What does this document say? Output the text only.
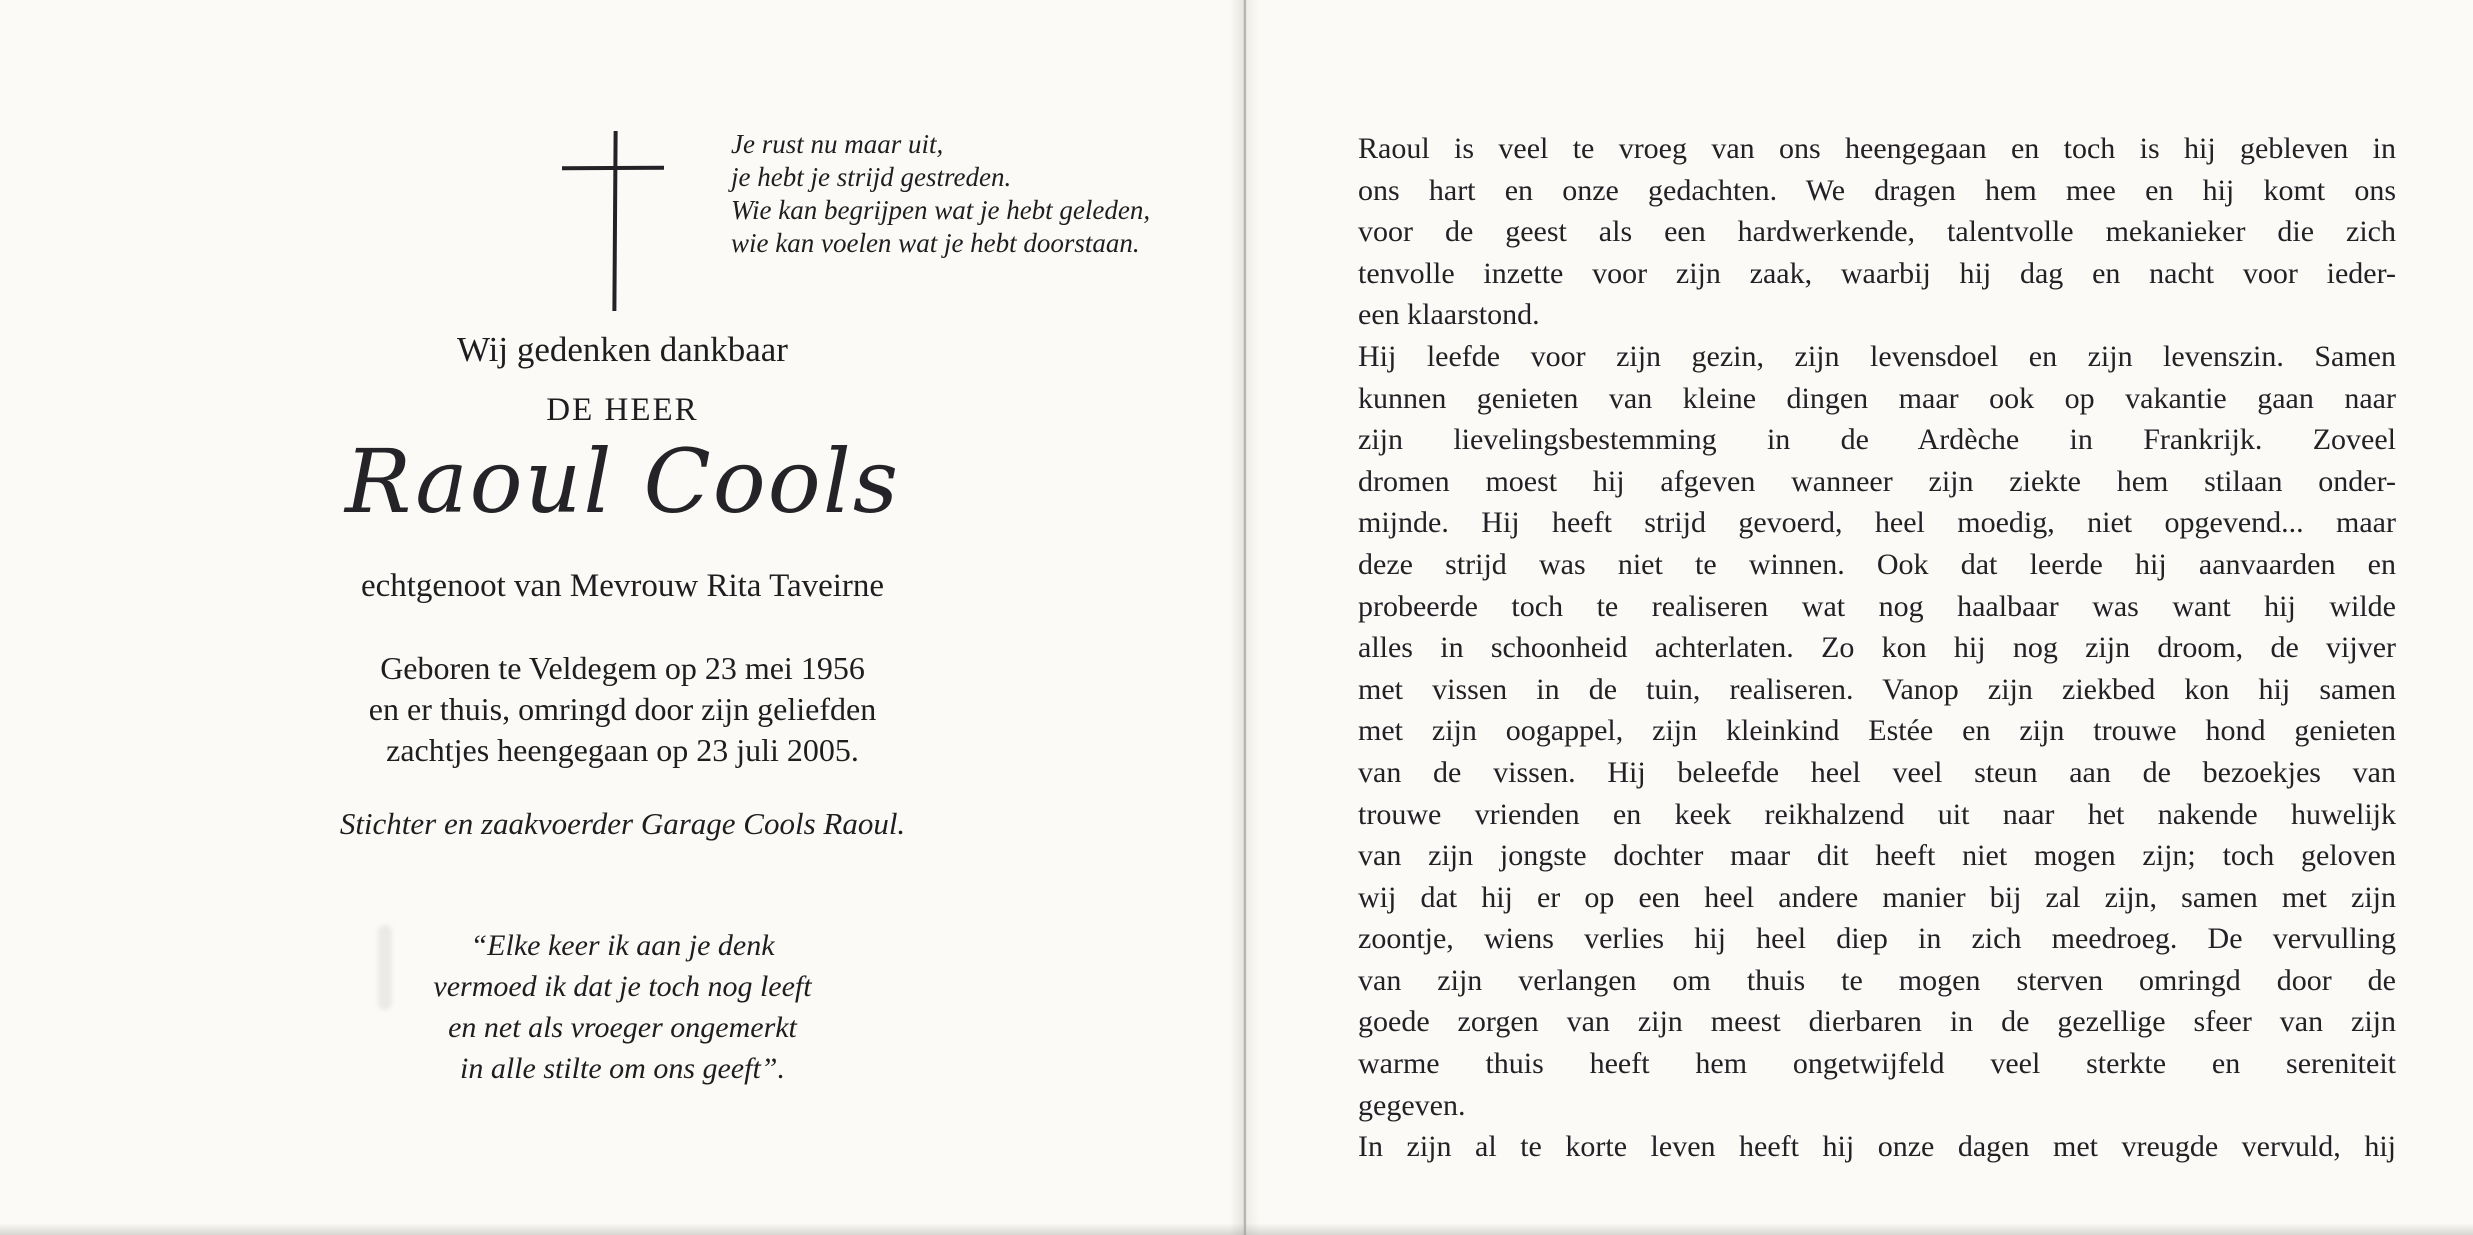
Je rust nu maar uit,
je hebt je strijd gestreden.
Wie kan begrijpen wat je hebt geleden,
wie kan voelen wat je hebt doorstaan.
Wij gedenken dankbaar
DE HEER
Raoul Cools
echtgenoot van Mevrouw Rita Taveirne
Geboren te Veldegem op 23 mei 1956
en er thuis, omringd door zijn geliefden
zachtjes heengegaan op 23 juli 2005.
Stichter en zaakvoerder Garage Cools Raoul.
“Elke keer ik aan je denk
vermoed ik dat je toch nog leeft
en net als vroeger ongemerkt
in alle stilte om ons geeft”.
Raoul is veel te vroeg van ons heengegaan en toch is hij gebleven in
ons hart en onze gedachten. We dragen hem mee en hij komt ons
voor de geest als een hardwerkende, talentvolle mekanieker die zich
tenvolle inzette voor zijn zaak, waarbij hij dag en nacht voor ieder-
een klaarstond.
Hij leefde voor zijn gezin, zijn levensdoel en zijn levenszin. Samen
kunnen genieten van kleine dingen maar ook op vakantie gaan naar
zijn lievelingsbestemming in de Ardèche in Frankrijk. Zoveel
dromen moest hij afgeven wanneer zijn ziekte hem stilaan onder-
mijnde. Hij heeft strijd gevoerd, heel moedig, niet opgevend... maar
deze strijd was niet te winnen. Ook dat leerde hij aanvaarden en
probeerde toch te realiseren wat nog haalbaar was want hij wilde
alles in schoonheid achterlaten. Zo kon hij nog zijn droom, de vijver
met vissen in de tuin, realiseren. Vanop zijn ziekbed kon hij samen
met zijn oogappel, zijn kleinkind Estée en zijn trouwe hond genieten
van de vissen. Hij beleefde heel veel steun aan de bezoekjes van
trouwe vrienden en keek reikhalzend uit naar het nakende huwelijk
van zijn jongste dochter maar dit heeft niet mogen zijn; toch geloven
wij dat hij er op een heel andere manier bij zal zijn, samen met zijn
zoontje, wiens verlies hij heel diep in zich meedroeg. De vervulling
van zijn verlangen om thuis te mogen sterven omringd door de
goede zorgen van zijn meest dierbaren in de gezellige sfeer van zijn
warme thuis heeft hem ongetwijfeld veel sterkte en sereniteit
gegeven.
In zijn al te korte leven heeft hij onze dagen met vreugde vervuld, hij
